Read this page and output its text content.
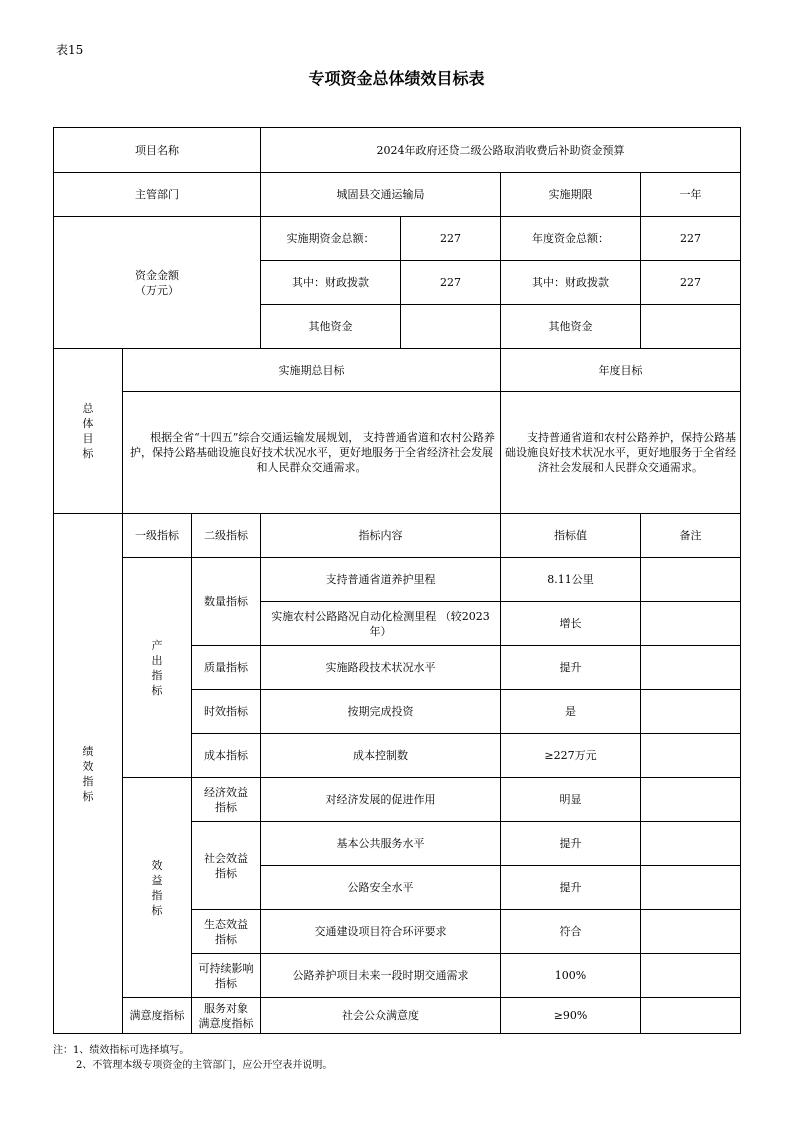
表15
专项资金总体绩效目标表
项目名称			2024年政府还贷二级公路取消收费后补助资金预算			
主管部门			城固县交通运输局		实施期限	一年
资金金额
（万元）			实施期资金总额：	227	年度资金总额：	227
			其中：财政拨款	227	其中：财政拨款	227
			其他资金		其他资金	
总
体
目
标	实施期总目标				年度目标	
	根据全省“十四五”综合交通运输发展规划， 支持普通省道和农村公路养护，保持公路基础设施良好技术状况水平，更好地服务于全省经济社会发展和人民群众交通需求。				支持普通省道和农村公路养护，保持公路基础设施良好技术状况水平，更好地服务于全省经济社会发展和人民群众交通需求。	
绩
效
指
标	一级指标	二级指标	指标内容		指标值	备注
	产
出
指
标	数量指标	支持普通省道养护里程		8.11公里	
			实施农村公路路况自动化检测里程 （较2023年）		增长	
		质量指标	实施路段技术状况水平		提升	
		时效指标	按期完成投资		是	
		成本指标	成本控制数		≥227万元	
	效
益
指
标	经济效益
指标	对经济发展的促进作用		明显	
		社会效益
指标	基本公共服务水平		提升	
			公路安全水平		提升	
		生态效益
指标	交通建设项目符合环评要求		符合	
		可持续影响
指标	公路养护项目未来一段时期交通需求		100%	
	满意度指标	服务对象
满意度指标	社会公众满意度		≥90%	
注：1、绩效指标可选择填写。
2、不管理本级专项资金的主管部门，应公开空表并说明。
